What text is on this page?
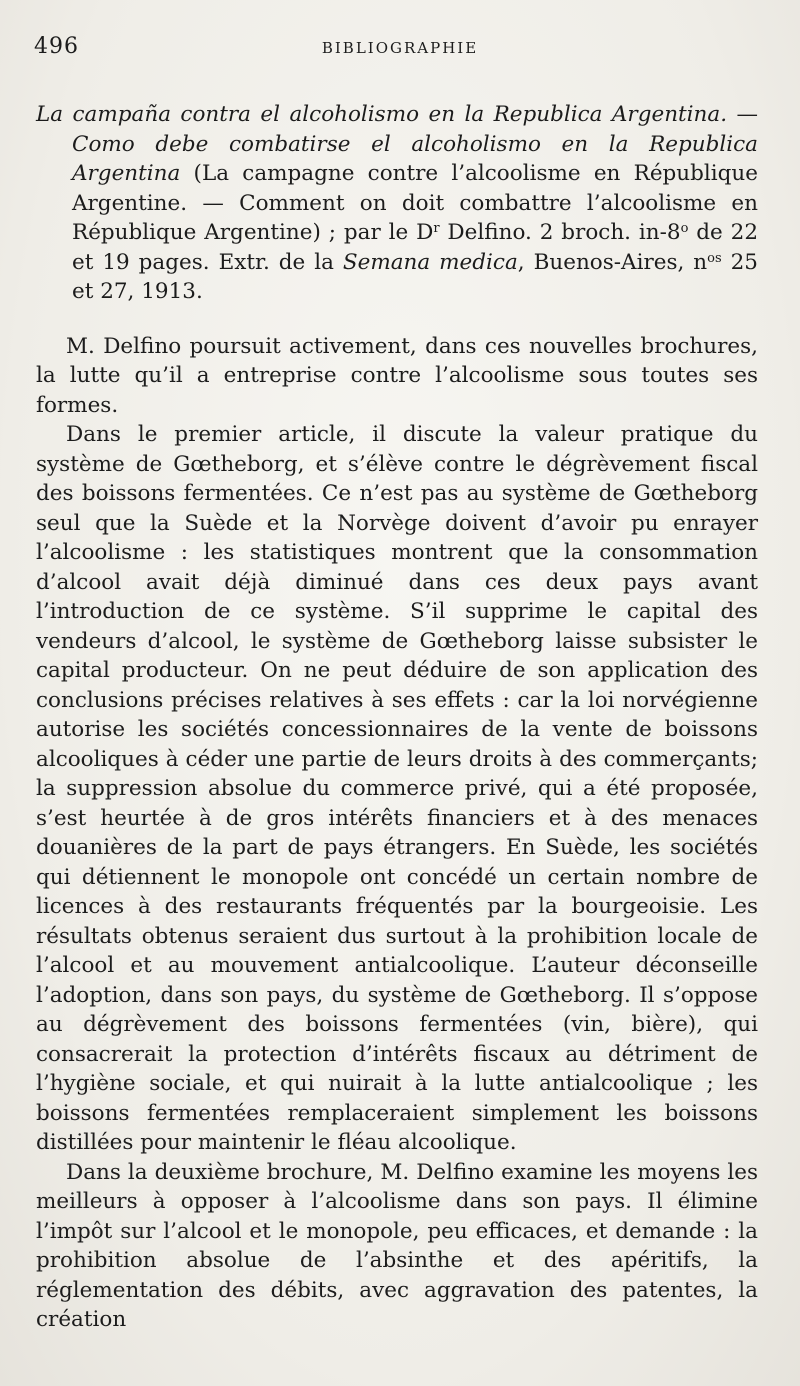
496	BIBLIOGRAPHIE

La campaña contra el alcoholismo en la Republica Argentina. — Como debe combatirse el alcoholismo en la Republica Argentina (La campagne contre l’alcoolisme en République Argentine. — Comment on doit combattre l’alcoolisme en République Argentine) ; par le $D^r$ Delfino. 2 broch. in-8$^o$ de 22 et 19 pages. Extr. de la Semana medica, Buenos-Aires, $n^{os}$ 25 et 27, 1913.

M. Delfino poursuit activement, dans ces nouvelles brochures, la lutte qu’il a entreprise contre l’alcoolisme sous toutes ses formes.

Dans le premier article, il discute la valeur pratique du système de Gœtheborg, et s’élève contre le dégrèvement fiscal des boissons fermentées. Ce n’est pas au système de Gœtheborg seul que la Suède et la Norvège doivent d’avoir pu enrayer l’alcoolisme : les statistiques montrent que la consommation d’alcool avait déjà diminué dans ces deux pays avant l’introduction de ce système. S’il supprime le capital des vendeurs d’alcool, le système de Gœtheborg laisse subsister le capital producteur. On ne peut déduire de son application des conclusions précises relatives à ses effets : car la loi norvégienne autorise les sociétés concessionnaires de la vente de boissons alcooliques à céder une partie de leurs droits à des commerçants; la suppression absolue du commerce privé, qui a été proposée, s’est heurtée à de gros intérêts financiers et à des menaces douanières de la part de pays étrangers. En Suède, les sociétés qui détiennent le monopole ont concédé un certain nombre de licences à des restaurants fréquentés par la bourgeoisie. Les résultats obtenus seraient dus surtout à la prohibition locale de l’alcool et au mouvement antialcoolique. L’auteur déconseille l’adoption, dans son pays, du système de Gœtheborg. Il s’oppose au dégrèvement des boissons fermentées (vin, bière), qui consacrerait la protection d’intérêts fiscaux au détriment de l’hygiène sociale, et qui nuirait à la lutte antialcoolique ; les boissons fermentées remplaceraient simplement les boissons distillées pour maintenir le fléau alcoolique.

Dans la deuxième brochure, M. Delfino examine les moyens les meilleurs à opposer à l’alcoolisme dans son pays. Il élimine l’impôt sur l’alcool et le monopole, peu efficaces, et demande : la prohibition absolue de l’absinthe et des apéritifs, la réglementation des débits, avec aggravation des patentes, la création
